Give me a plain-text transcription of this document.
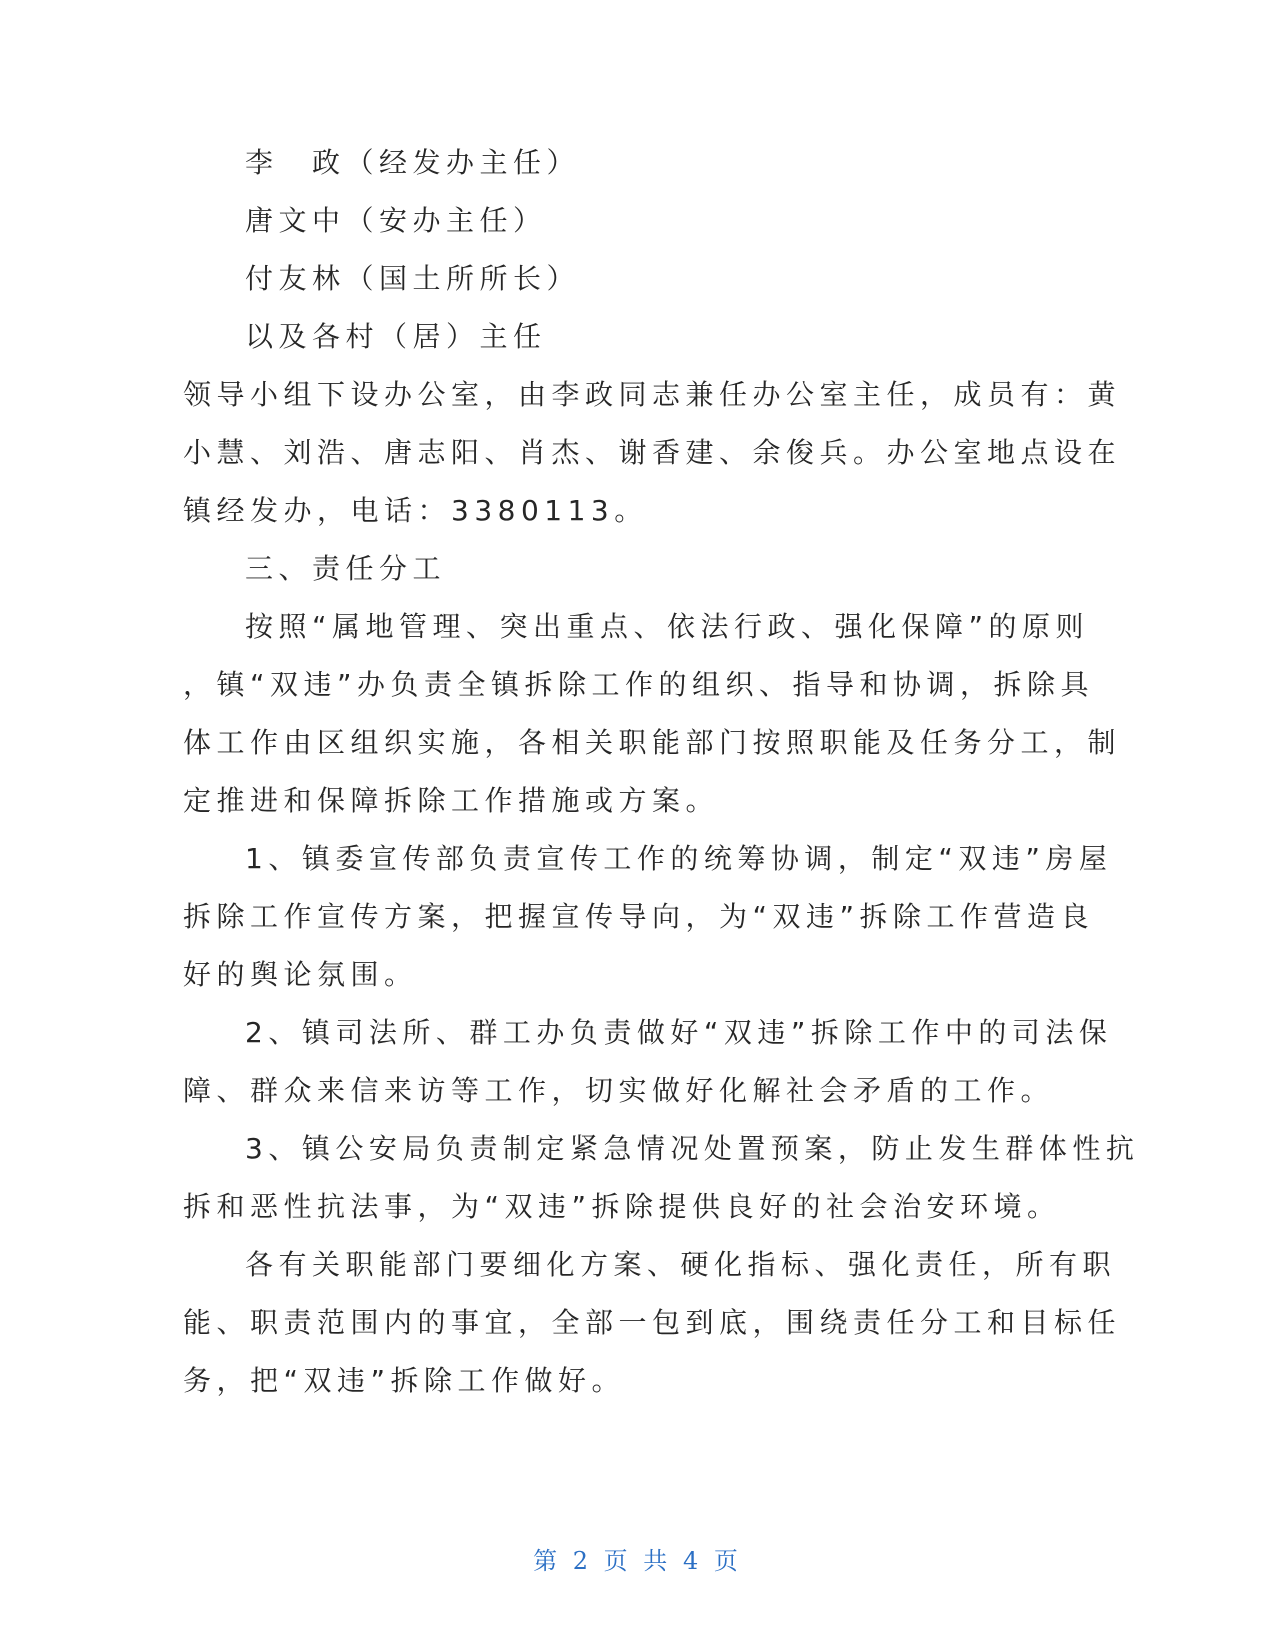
李　政（经发办主任）
唐文中（安办主任）
付友林（国土所所长）
以及各村（居）主任
领导小组下设办公室，由李政同志兼任办公室主任，成员有：黄
小慧、刘浩、唐志阳、肖杰、谢香建、余俊兵。办公室地点设在
镇经发办，电话：3380113。
三、责任分工
按照“属地管理、突出重点、依法行政、强化保障”的原则
，镇“双违”办负责全镇拆除工作的组织、指导和协调，拆除具
体工作由区组织实施，各相关职能部门按照职能及任务分工，制
定推进和保障拆除工作措施或方案。
1、镇委宣传部负责宣传工作的统筹协调，制定“双违”房屋
拆除工作宣传方案，把握宣传导向，为“双违”拆除工作营造良
好的舆论氛围。
2、镇司法所、群工办负责做好“双违”拆除工作中的司法保
障、群众来信来访等工作，切实做好化解社会矛盾的工作。
3、镇公安局负责制定紧急情况处置预案，防止发生群体性抗
拆和恶性抗法事，为“双违”拆除提供良好的社会治安环境。
各有关职能部门要细化方案、硬化指标、强化责任，所有职
能、职责范围内的事宜，全部一包到底，围绕责任分工和目标任
务，把“双违”拆除工作做好。
第 2 页 共 4 页
